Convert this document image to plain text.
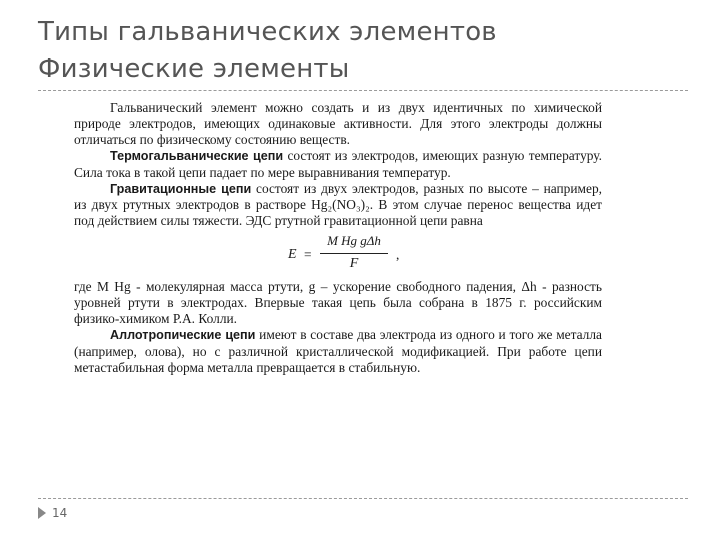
Типы гальванических элементов
Физические элементы

Гальванический элемент можно создать и из двух идентичных по химической природе электродов, имеющих одинаковые активности. Для этого электроды должны отличаться по физическому состоянию веществ.

Термогальванические цепи состоят из электродов, имеющих разную температуру. Сила тока в такой цепи падает по мере выравнивания температур.

Гравитационные цепи состоят из двух электродов, разных по высоте – например, из двух ртутных электродов в растворе Hg₂(NO₃)₂. В этом случае перенос вещества идет под действием силы тяжести. ЭДС ртутной гравитационной цепи равна

E =
M Hg gΔh
F
,

где M Hg - молекулярная масса ртути, g – ускорение свободного падения, Δh - разность уровней ртути в электродах. Впервые такая цепь была собрана в 1875 г. российским физико-химиком Р.А. Колли.

Аллотропические цепи имеют в составе два электрода из одного и того же металла (например, олова), но с различной кристаллической модификацией. При работе цепи метастабильная форма металла превращается в стабильную.

14
